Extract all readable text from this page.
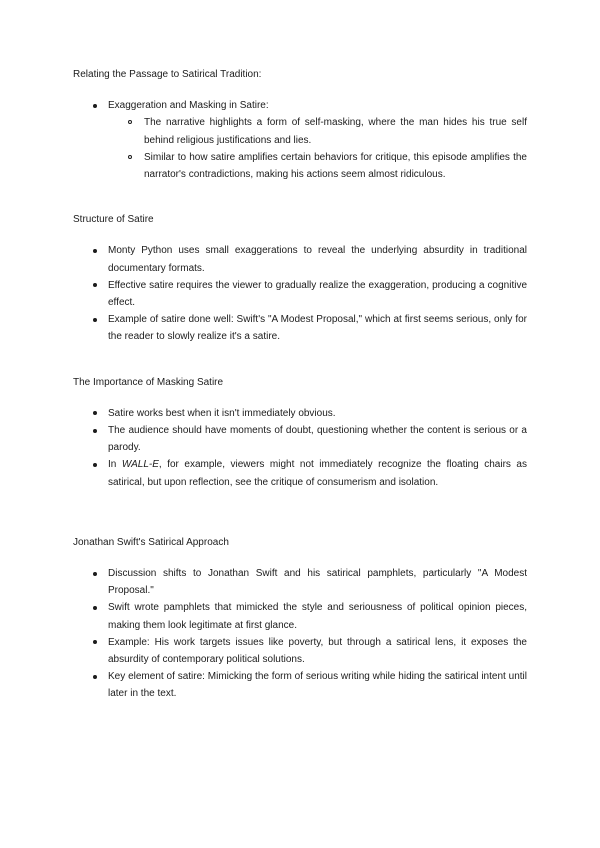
Relating the Passage to Satirical Tradition:

Exaggeration and Masking in Satire:
The narrative highlights a form of self-masking, where the man hides his true self behind religious justifications and lies.
Similar to how satire amplifies certain behaviors for critique, this episode amplifies the narrator's contradictions, making his actions seem almost ridiculous.

Structure of Satire

Monty Python uses small exaggerations to reveal the underlying absurdity in traditional documentary formats.
Effective satire requires the viewer to gradually realize the exaggeration, producing a cognitive effect.
Example of satire done well: Swift's "A Modest Proposal," which at first seems serious, only for the reader to slowly realize it's a satire.

The Importance of Masking Satire

Satire works best when it isn't immediately obvious.
The audience should have moments of doubt, questioning whether the content is serious or a parody.
In WALL-E, for example, viewers might not immediately recognize the floating chairs as satirical, but upon reflection, see the critique of consumerism and isolation.

Jonathan Swift's Satirical Approach

Discussion shifts to Jonathan Swift and his satirical pamphlets, particularly "A Modest Proposal."
Swift wrote pamphlets that mimicked the style and seriousness of political opinion pieces, making them look legitimate at first glance.
Example: His work targets issues like poverty, but through a satirical lens, it exposes the absurdity of contemporary political solutions.
Key element of satire: Mimicking the form of serious writing while hiding the satirical intent until later in the text.
